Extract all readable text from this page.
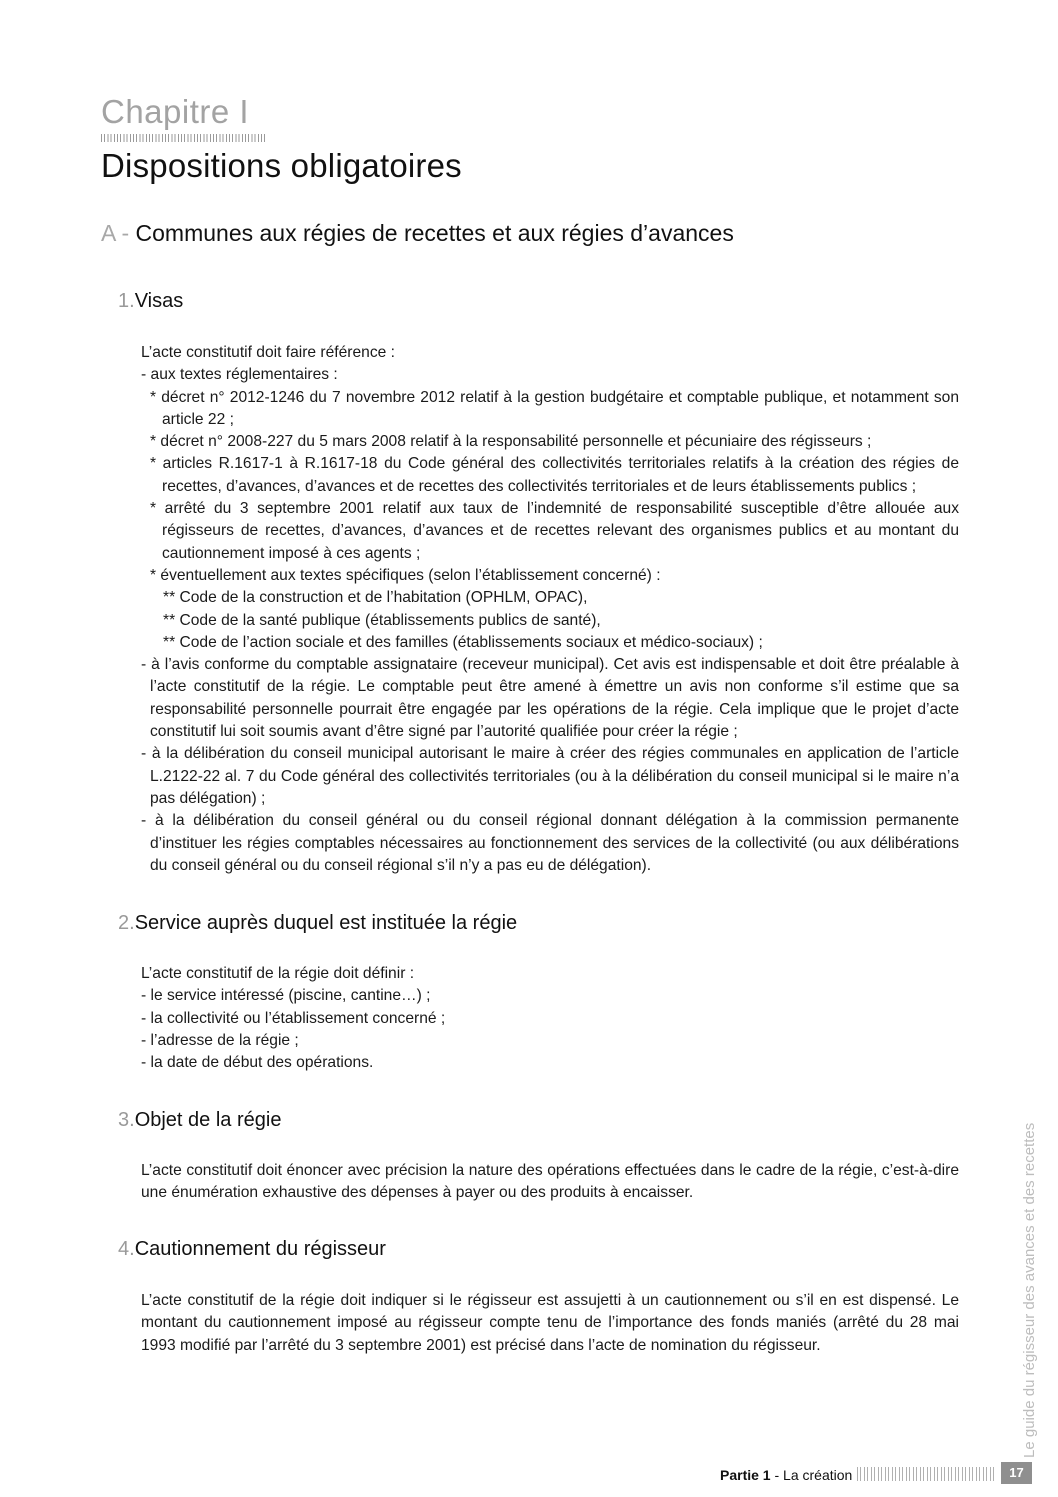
Chapitre I
Dispositions obligatoires
A - Communes aux régies de recettes et aux régies d’avances
1.Visas

L’acte constitutif doit faire référence :

- aux textes réglementaires :

* décret n° 2012-1246 du 7 novembre 2012 relatif à la gestion budgétaire et comptable publique, et notamment son article 22 ;

* décret n° 2008-227 du 5 mars 2008 relatif à la responsabilité personnelle et pécuniaire des régisseurs ;

* articles R.1617-1 à R.1617-18 du Code général des collectivités territoriales relatifs à la création des régies de recettes, d’avances, d’avances et de recettes des collectivités territoriales et de leurs établissements publics ;

* arrêté du 3 septembre 2001 relatif aux taux de l’indemnité de responsabilité susceptible d’être allouée aux régisseurs de recettes, d’avances, d’avances et de recettes relevant des organismes publics et au montant du cautionnement imposé à ces agents ;

* éventuellement aux textes spécifiques (selon l’établissement concerné) :

** Code de la construction et de l’habitation (OPHLM, OPAC),

** Code de la santé publique (établissements publics de santé),

** Code de l’action sociale et des familles (établissements sociaux et médico-sociaux) ;

- à l’avis conforme du comptable assignataire (receveur municipal). Cet avis est indispensable et doit être préalable à l’acte constitutif de la régie. Le comptable peut être amené à émettre un avis non conforme s’il estime que sa responsabilité personnelle pourrait être engagée par les opérations de la régie. Cela implique que le projet d’acte constitutif lui soit soumis avant d’être signé par l’autorité qualifiée pour créer la régie ;

- à la délibération du conseil municipal autorisant le maire à créer des régies communales en application de l’article L.2122-22 al. 7 du Code général des collectivités territoriales (ou à la délibération du conseil municipal si le maire n’a pas délégation) ;

- à la délibération du conseil général ou du conseil régional donnant délégation à la commission permanente d’instituer les régies comptables nécessaires au fonctionnement des services de la collectivité (ou aux délibérations du conseil général ou du conseil régional s’il n’y a pas eu de délégation).

2.Service auprès duquel est instituée la régie

L’acte constitutif de la régie doit définir :

- le service intéressé (piscine, cantine…) ;

- la collectivité ou l’établissement concerné ;

- l’adresse de la régie ;

- la date de début des opérations.

3.Objet de la régie

L’acte constitutif doit énoncer avec précision la nature des opérations effectuées dans le cadre de la régie, c’est-à-dire une énumération exhaustive des dépenses à payer ou des produits à encaisser.

4.Cautionnement du régisseur

L’acte constitutif de la régie doit indiquer si le régisseur est assujetti à un cautionnement ou s’il en est dispensé. Le montant du cautionnement imposé au régisseur compte tenu de l’importance des fonds maniés (arrêté du 28 mai 1993 modifié par l’arrêté du 3 septembre 2001) est précisé dans l’acte de nomination du régisseur.	Le guide du régisseur des avances et des recettes
Partie 1 - La création	17
